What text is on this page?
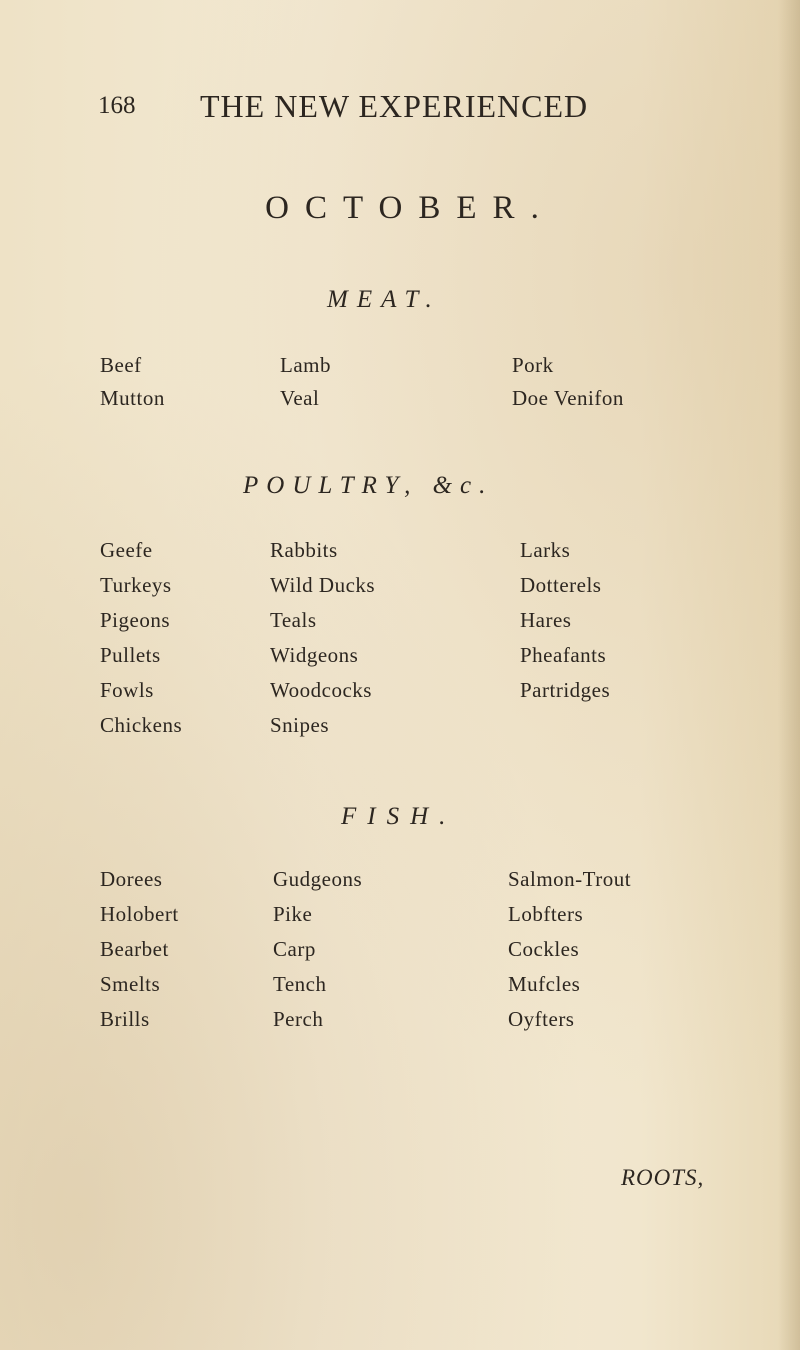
168 THE NEW EXPERIENCED
OCTOBER.
MEAT.
Beef	Lamb	Pork
Mutton	Veal	Doe Venifon
POULTRY, &c.
Geefe	Rabbits	Larks
Turkeys	Wild Ducks	Dotterels
Pigeons	Teals	Hares
Pullets	Widgeons	Pheafants
Fowls	Woodcocks	Partridges
Chickens	Snipes
FISH.
Dorees	Gudgeons	Salmon-Trout
Holobert	Pike	Lobfters
Bearbet	Carp	Cockles
Smelts	Tench	Mufcles
Brills	Perch	Oyfters
ROOTS,
